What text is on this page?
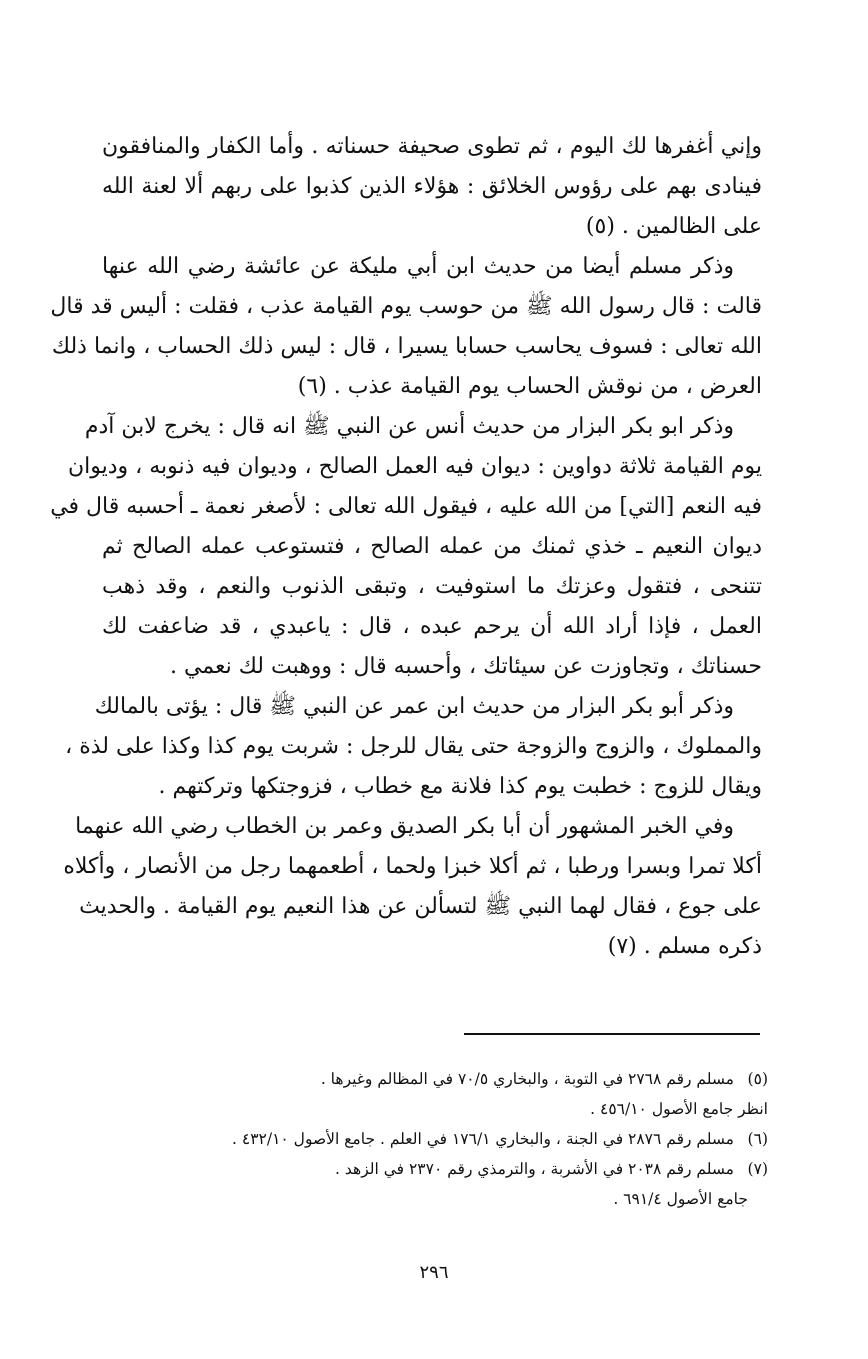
وإني أغفرها لك اليوم ، ثم تطوى صحيفة حسناته . وأما الكفار والمنافقون
فينادى بهم على رؤوس الخلائق : هؤلاء الذين كذبوا على ربهم ألا لعنة الله
على الظالمين . (٥)
وذكر مسلم أيضا من حديث ابن أبي مليكة عن عائشة رضي الله عنها
قالت : قال رسول الله ﷺ من حوسب يوم القيامة عذب ، فقلت : أليس قد قال
الله تعالى : فسوف يحاسب حسابا يسيرا ، قال : ليس ذلك الحساب ، وانما ذلك
العرض ، من نوقش الحساب يوم القيامة عذب . (٦)
وذكر ابو بكر البزار من حديث أنس عن النبي ﷺ انه قال : يخرج لابن آدم
يوم القيامة ثلاثة دواوين : ديوان فيه العمل الصالح ، وديوان فيه ذنوبه ، وديوان
فيه النعم [التي] من الله عليه ، فيقول الله تعالى : لأصغر نعمة ـ أحسبه قال في
ديوان النعيم ـ خذي ثمنك من عمله الصالح ، فتستوعب عمله الصالح ثم
تتنحى ، فتقول وعزتك ما استوفيت ، وتبقى الذنوب والنعم ، وقد ذهب
العمل ، فإذا أراد الله أن يرحم عبده ، قال : ياعبدي ، قد ضاعفت لك
حسناتك ، وتجاوزت عن سيئاتك ، وأحسبه قال : ووهبت لك نعمي .
وذكر أبو بكر البزار من حديث ابن عمر عن النبي ﷺ قال : يؤتى بالمالك
والمملوك ، والزوج والزوجة حتى يقال للرجل : شربت يوم كذا وكذا على لذة ،
ويقال للزوج : خطبت يوم كذا فلانة مع خطاب ، فزوجتكها وتركتهم .
وفي الخبر المشهور أن أبا بكر الصديق وعمر بن الخطاب رضي الله عنهما
أكلا تمرا وبسرا ورطبا ، ثم أكلا خبزا ولحما ، أطعمهما رجل من الأنصار ، وأكلاه
على جوع ، فقال لهما النبي ﷺ لتسألن عن هذا النعيم يوم القيامة . والحديث
ذكره مسلم . (٧)
(٥)مسلم رقم ٢٧٦٨ في التوبة ، والبخاري ٧٠/٥ في المظالم وغيرها .
انظر جامع الأصول ٤٥٦/١٠ .
(٦)مسلم رقم ٢٨٧٦ في الجنة ، والبخاري ١٧٦/١ في العلم . جامع الأصول ٤٣٢/١٠ .
(٧)مسلم رقم ٢٠٣٨ في الأشربة ، والترمذي رقم ٢٣٧٠ في الزهد .
جامع الأصول ٦٩١/٤ .
٢٩٦
